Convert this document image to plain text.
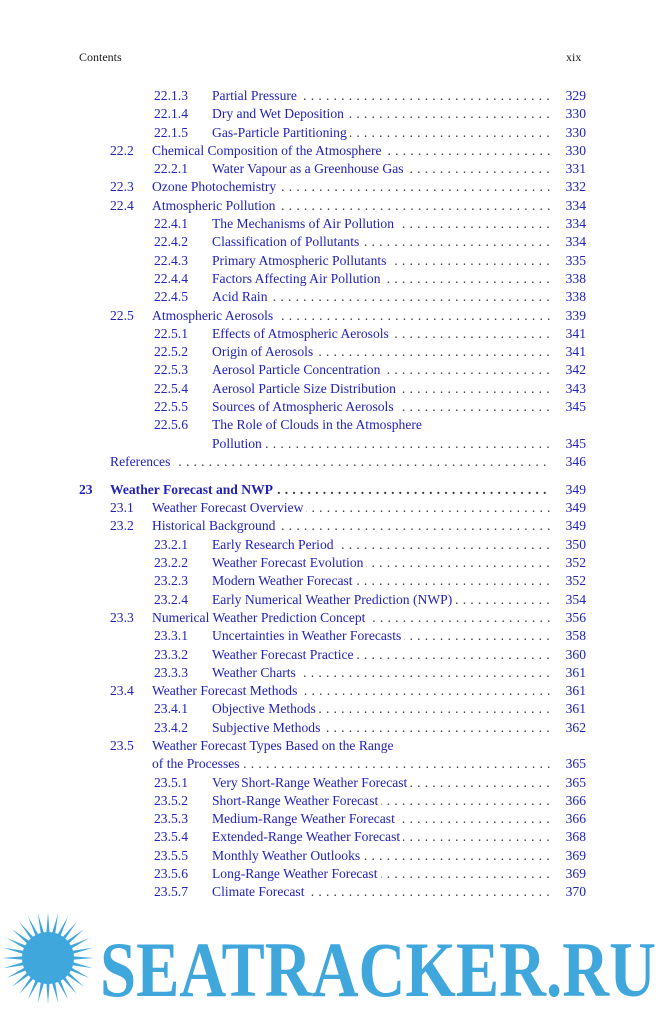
Contents	xix
22.1.3 Partial Pressure . . .	329
22.1.4 Dry and Wet Deposition . . .	330
22.1.5 Gas-Particle Partitioning . . .	330
22.2 Chemical Composition of the Atmosphere . . .	330
22.2.1 Water Vapour as a Greenhouse Gas . . .	331
22.3 Ozone Photochemistry . . .	332
22.4 Atmospheric Pollution . . .	334
22.4.1 The Mechanisms of Air Pollution . . .	334
22.4.2 Classification of Pollutants . . .	334
22.4.3 Primary Atmospheric Pollutants . . .	335
22.4.4 Factors Affecting Air Pollution . . .	338
22.4.5 Acid Rain . . .	338
22.5 Atmospheric Aerosols . . .	339
22.5.1 Effects of Atmospheric Aerosols . . .	341
22.5.2 Origin of Aerosols . . .	341
22.5.3 Aerosol Particle Concentration . . .	342
22.5.4 Aerosol Particle Size Distribution . . .	343
22.5.5 Sources of Atmospheric Aerosols . . .	345
22.5.6 The Role of Clouds in the Atmosphere
Pollution . . .	345
References . . .	346
23 Weather Forecast and NWP . . .	349
23.1 Weather Forecast Overview . . .	349
23.2 Historical Background . . .	349
23.2.1 Early Research Period . . .	350
23.2.2 Weather Forecast Evolution . . .	352
23.2.3 Modern Weather Forecast . . .	352
23.2.4 Early Numerical Weather Prediction (NWP) . . .	354
23.3 Numerical Weather Prediction Concept . . .	356
23.3.1 Uncertainties in Weather Forecasts . . .	358
23.3.2 Weather Forecast Practice . . .	360
23.3.3 Weather Charts . . .	361
23.4 Weather Forecast Methods . . .	361
23.4.1 Objective Methods . . .	361
23.4.2 Subjective Methods . . .	362
23.5 Weather Forecast Types Based on the Range
of the Processes . . .	365
23.5.1 Very Short-Range Weather Forecast . . .	365
23.5.2 Short-Range Weather Forecast . . .	366
23.5.3 Medium-Range Weather Forecast . . .	366
23.5.4 Extended-Range Weather Forecast . . .	368
23.5.5 Monthly Weather Outlooks . . .	369
23.5.6 Long-Range Weather Forecast . . .	369
23.5.7 Climate Forecast . . .	370
SEATRACKER.RU
